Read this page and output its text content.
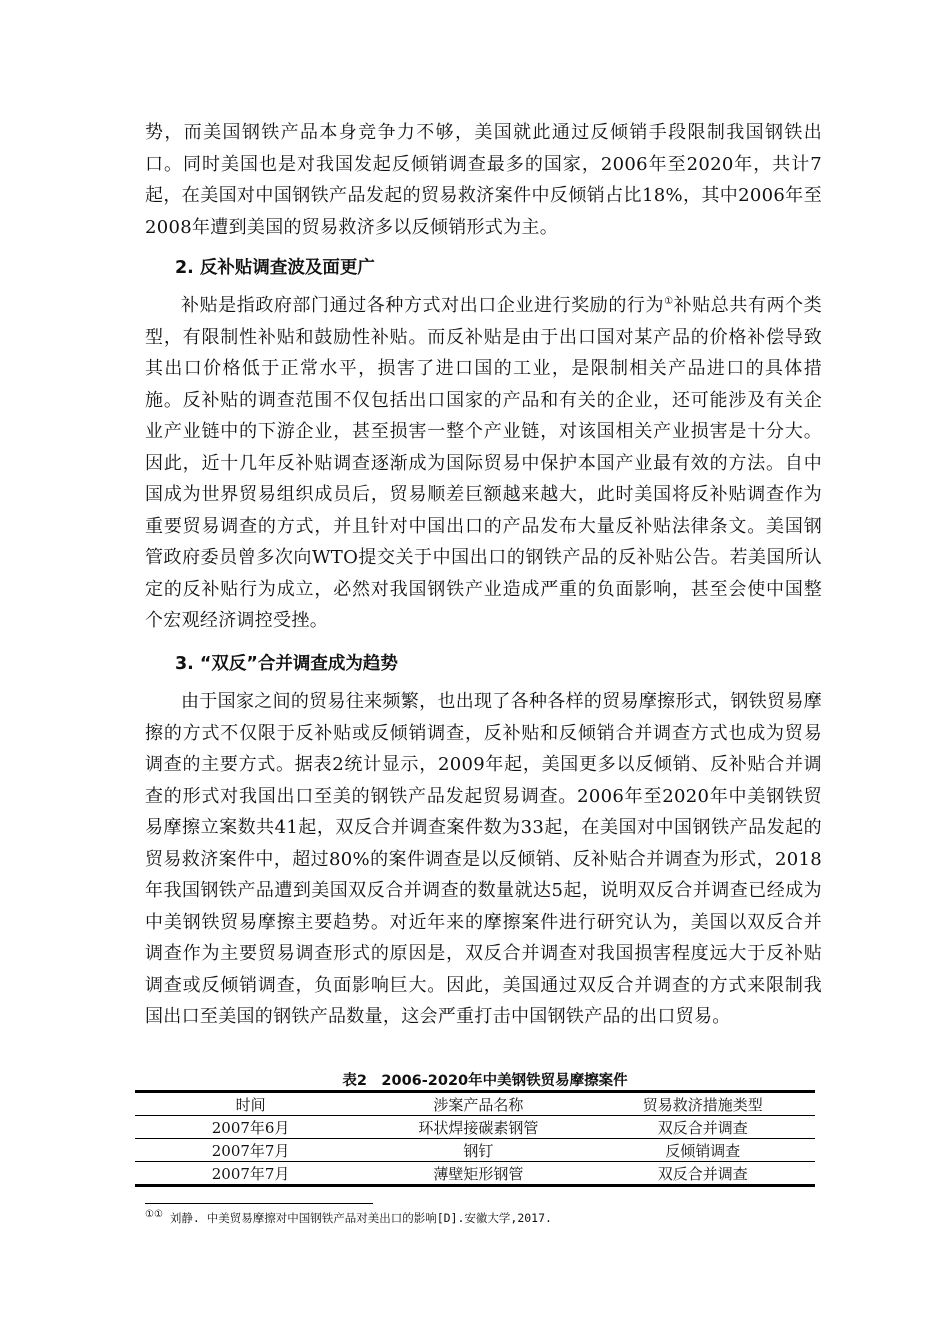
势，而美国钢铁产品本身竞争力不够，美国就此通过反倾销手段限制我国钢铁出口。同时美国也是对我国发起反倾销调查最多的国家，2006年至2020年，共计7起，在美国对中国钢铁产品发起的贸易救济案件中反倾销占比18%，其中2006年至2008年遭到美国的贸易救济多以反倾销形式为主。

2. 反补贴调查波及面更广

补贴是指政府部门通过各种方式对出口企业进行奖励的行为①补贴总共有两个类型，有限制性补贴和鼓励性补贴。而反补贴是由于出口国对某产品的价格补偿导致其出口价格低于正常水平，损害了进口国的工业，是限制相关产品进口的具体措施。反补贴的调查范围不仅包括出口国家的产品和有关的企业，还可能涉及有关企业产业链中的下游企业，甚至损害一整个产业链，对该国相关产业损害是十分大。因此，近十几年反补贴调查逐渐成为国际贸易中保护本国产业最有效的方法。自中国成为世界贸易组织成员后，贸易顺差巨额越来越大，此时美国将反补贴调查作为重要贸易调查的方式，并且针对中国出口的产品发布大量反补贴法律条文。美国钢管政府委员曾多次向WTO提交关于中国出口的钢铁产品的反补贴公告。若美国所认定的反补贴行为成立，必然对我国钢铁产业造成严重的负面影响，甚至会使中国整个宏观经济调控受挫。

3. “双反”合并调查成为趋势

由于国家之间的贸易往来频繁，也出现了各种各样的贸易摩擦形式，钢铁贸易摩擦的方式不仅限于反补贴或反倾销调查，反补贴和反倾销合并调查方式也成为贸易调查的主要方式。据表2统计显示，2009年起，美国更多以反倾销、反补贴合并调查的形式对我国出口至美的钢铁产品发起贸易调查。2006年至2020年中美钢铁贸易摩擦立案数共41起，双反合并调查案件数为33起，在美国对中国钢铁产品发起的贸易救济案件中，超过80%的案件调查是以反倾销、反补贴合并调查为形式，2018年我国钢铁产品遭到美国双反合并调查的数量就达5起，说明双反合并调查已经成为中美钢铁贸易摩擦主要趋势。对近年来的摩擦案件进行研究认为，美国以双反合并调查作为主要贸易调查形式的原因是，双反合并调查对我国损害程度远大于反补贴调查或反倾销调查，负面影响巨大。因此，美国通过双反合并调查的方式来限制我国出口至美国的钢铁产品数量，这会严重打击中国钢铁产品的出口贸易。

表2　2006-2020年中美钢铁贸易摩擦案件

时间	涉案产品名称	贸易救济措施类型
2007年6月	环状焊接碳素钢管	双反合并调查
2007年7月	钢钉	反倾销调查
2007年7月	薄壁矩形钢管	双反合并调查

①① 刘静. 中美贸易摩擦对中国钢铁产品对美出口的影响[D].安徽大学,2017.
